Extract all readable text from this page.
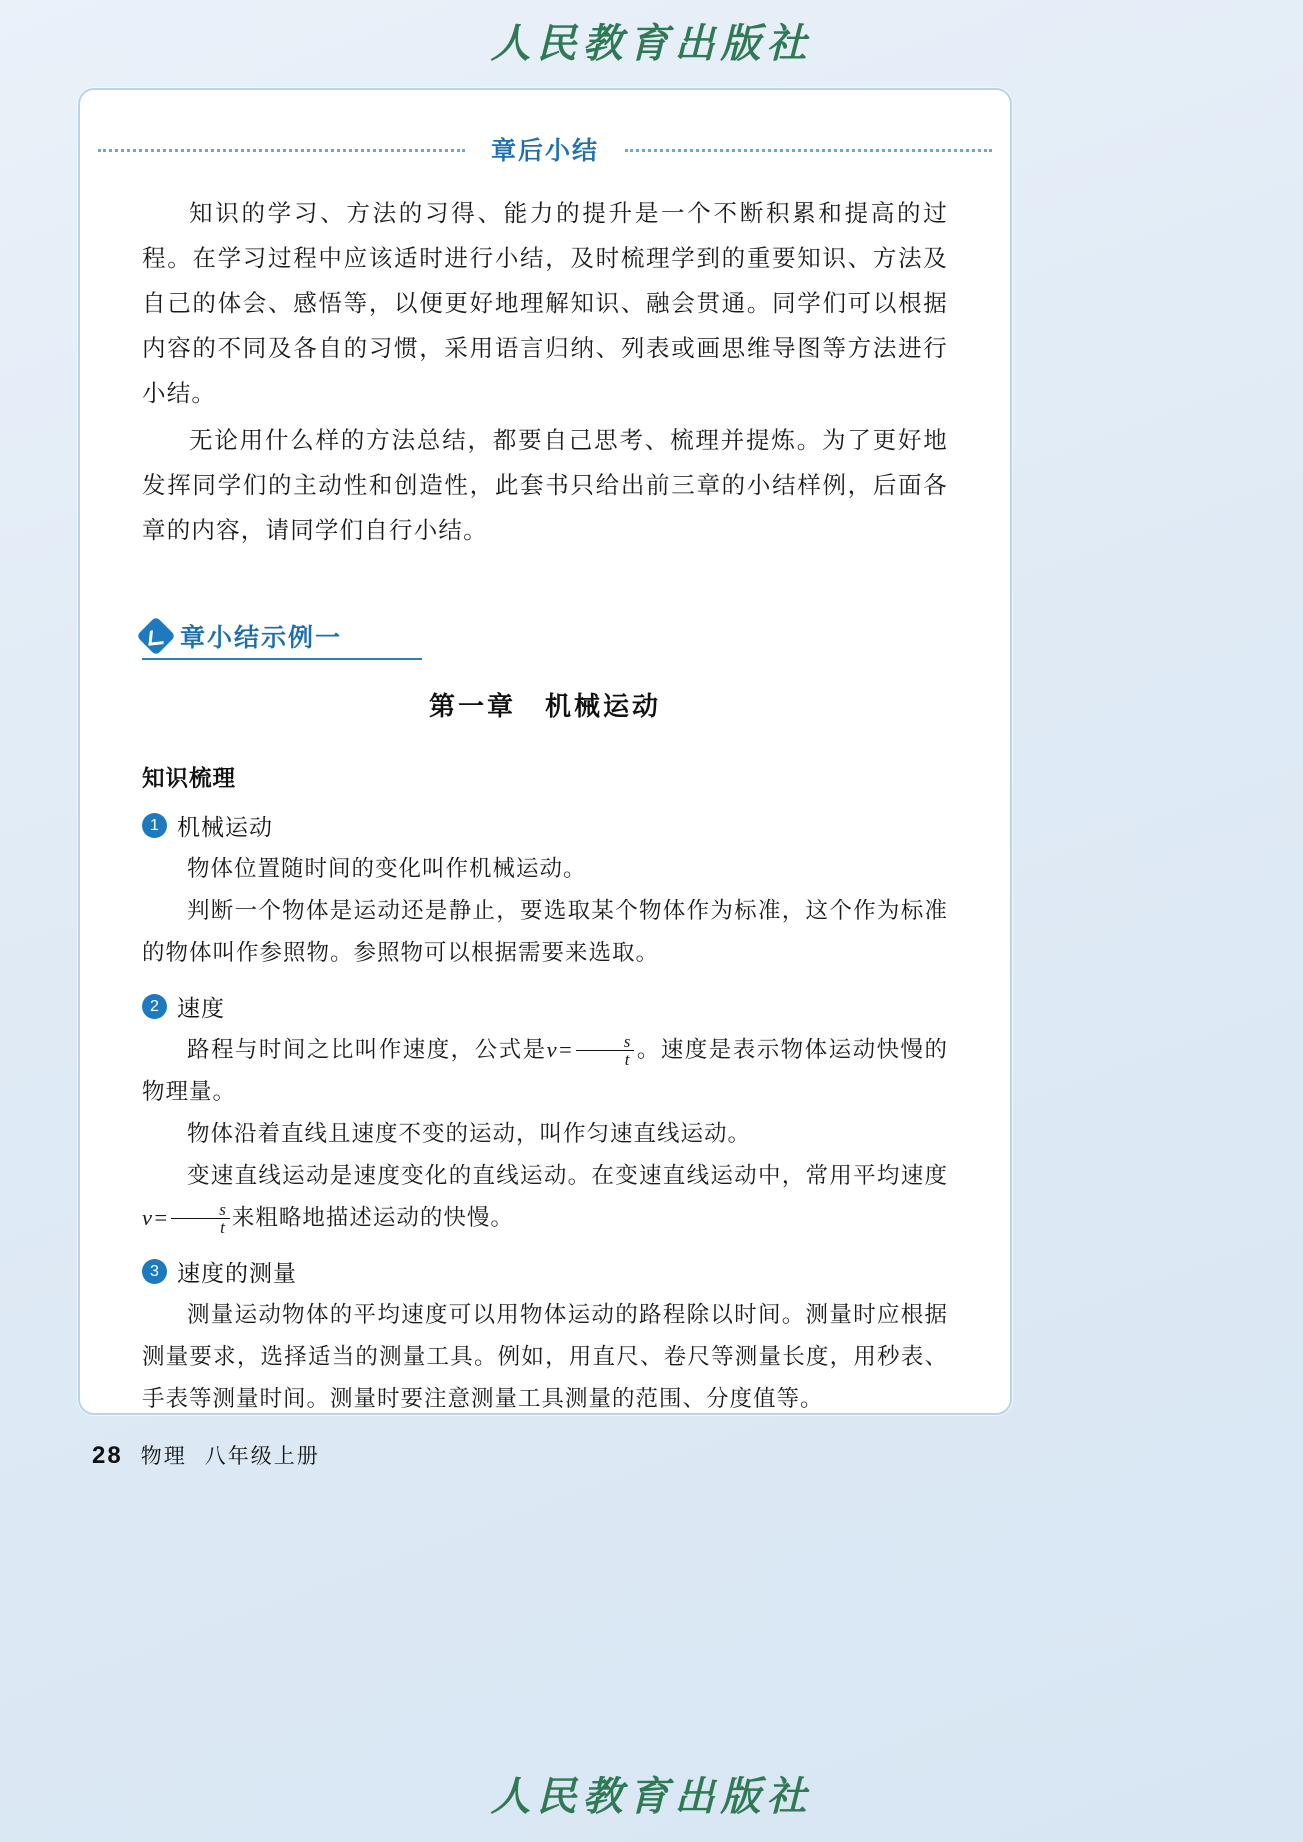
人民教育出版社
章后小结

知识的学习、方法的习得、能力的提升是一个不断积累和提高的过程。在学习过程中应该适时进行小结，及时梳理学到的重要知识、方法及自己的体会、感悟等，以便更好地理解知识、融会贯通。同学们可以根据内容的不同及各自的习惯，采用语言归纳、列表或画思维导图等方法进行小结。

无论用什么样的方法总结，都要自己思考、梳理并提炼。为了更好地发挥同学们的主动性和创造性，此套书只给出前三章的小结样例，后面各章的内容，请同学们自行小结。

章小结示例一
第一章　机械运动
知识梳理
1 机械运动

物体位置随时间的变化叫作机械运动。

判断一个物体是运动还是静止，要选取某个物体作为标准，这个作为标准的物体叫作参照物。参照物可以根据需要来选取。

2 速度

路程与时间之比叫作速度，公式是$v= \frac{s}{t}$ 。速度是表示物体运动快慢的物理量。

物体沿着直线且速度不变的运动，叫作匀速直线运动。

变速直线运动是速度变化的直线运动。在变速直线运动中，常用平均速度$v= \frac{s}{t}$ 来粗略地描述运动的快慢。

3 速度的测量

测量运动物体的平均速度可以用物体运动的路程除以时间。测量时应根据测量要求，选择适当的测量工具。例如，用直尺、卷尺等测量长度，用秒表、手表等测量时间。测量时要注意测量工具测量的范围、分度值等。

28 物理 八年级上册
人民教育出版社
